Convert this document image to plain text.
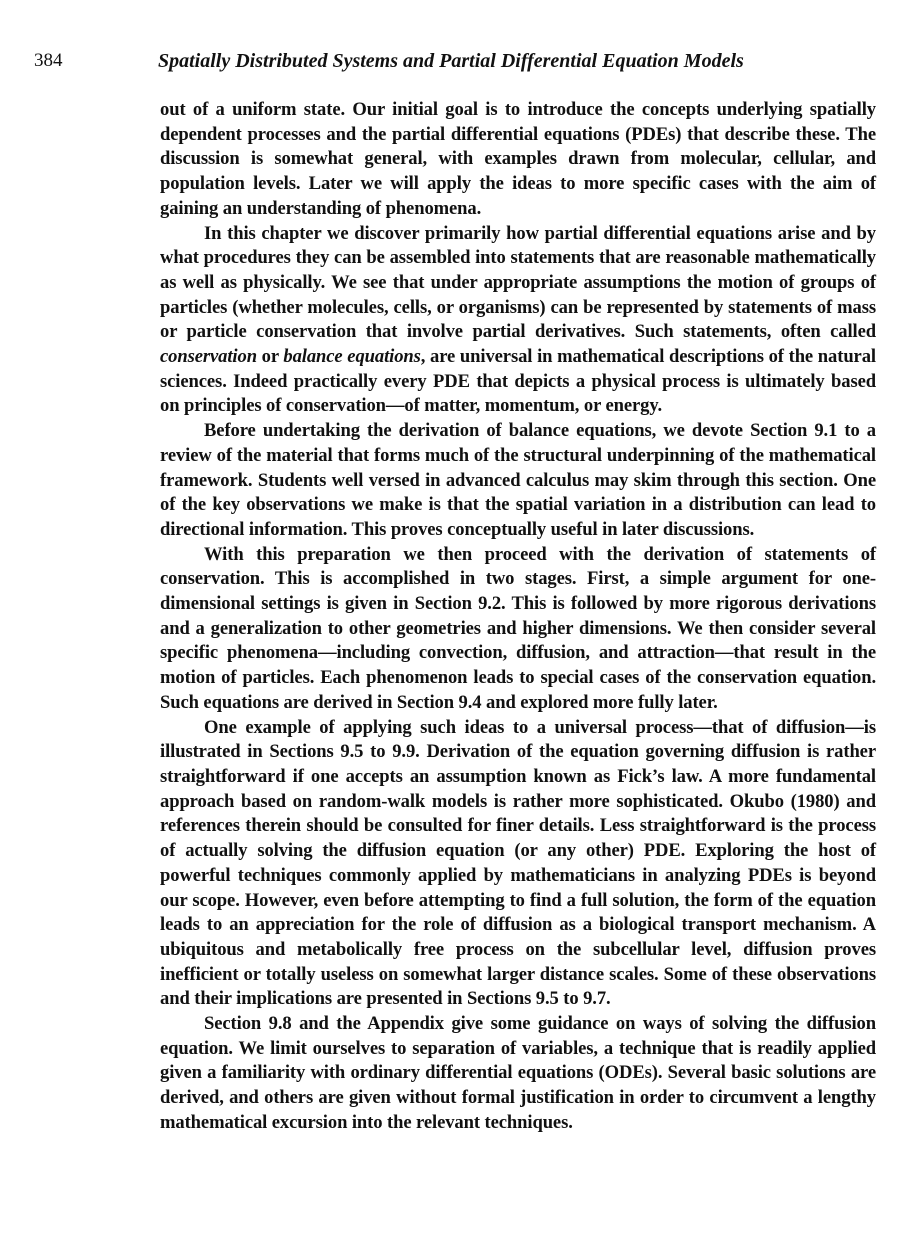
384	Spatially Distributed Systems and Partial Differential Equation Models

out of a uniform state. Our initial goal is to introduce the concepts underlying spatially dependent processes and the partial differential equations (PDEs) that describe these. The discussion is somewhat general, with examples drawn from molecular, cellular, and population levels. Later we will apply the ideas to more specific cases with the aim of gaining an understanding of phenomena.

In this chapter we discover primarily how partial differential equations arise and by what procedures they can be assembled into statements that are reasonable mathematically as well as physically. We see that under appropriate assumptions the motion of groups of particles (whether molecules, cells, or organisms) can be represented by statements of mass or particle conservation that involve partial derivatives. Such statements, often called conservation or balance equations, are universal in mathematical descriptions of the natural sciences. Indeed practically every PDE that depicts a physical process is ultimately based on principles of conservation—of matter, momentum, or energy.

Before undertaking the derivation of balance equations, we devote Section 9.1 to a review of the material that forms much of the structural underpinning of the mathematical framework. Students well versed in advanced calculus may skim through this section. One of the key observations we make is that the spatial variation in a distribution can lead to directional information. This proves conceptually useful in later discussions.

With this preparation we then proceed with the derivation of statements of conservation. This is accomplished in two stages. First, a simple argument for one-dimensional settings is given in Section 9.2. This is followed by more rigorous derivations and a generalization to other geometries and higher dimensions. We then consider several specific phenomena—including convection, diffusion, and attraction—that result in the motion of particles. Each phenomenon leads to special cases of the conservation equation. Such equations are derived in Section 9.4 and explored more fully later.

One example of applying such ideas to a universal process—that of diffusion—is illustrated in Sections 9.5 to 9.9. Derivation of the equation governing diffusion is rather straightforward if one accepts an assumption known as Fick’s law. A more fundamental approach based on random-walk models is rather more sophisticated. Okubo (1980) and references therein should be consulted for finer details. Less straightforward is the process of actually solving the diffusion equation (or any other) PDE. Exploring the host of powerful techniques commonly applied by mathematicians in analyzing PDEs is beyond our scope. However, even before attempting to find a full solution, the form of the equation leads to an appreciation for the role of diffusion as a biological transport mechanism. A ubiquitous and metabolically free process on the subcellular level, diffusion proves inefficient or totally useless on somewhat larger distance scales. Some of these observations and their implications are presented in Sections 9.5 to 9.7.

Section 9.8 and the Appendix give some guidance on ways of solving the diffusion equation. We limit ourselves to separation of variables, a technique that is readily applied given a familiarity with ordinary differential equations (ODEs). Several basic solutions are derived, and others are given without formal justification in order to circumvent a lengthy mathematical excursion into the relevant techniques.
